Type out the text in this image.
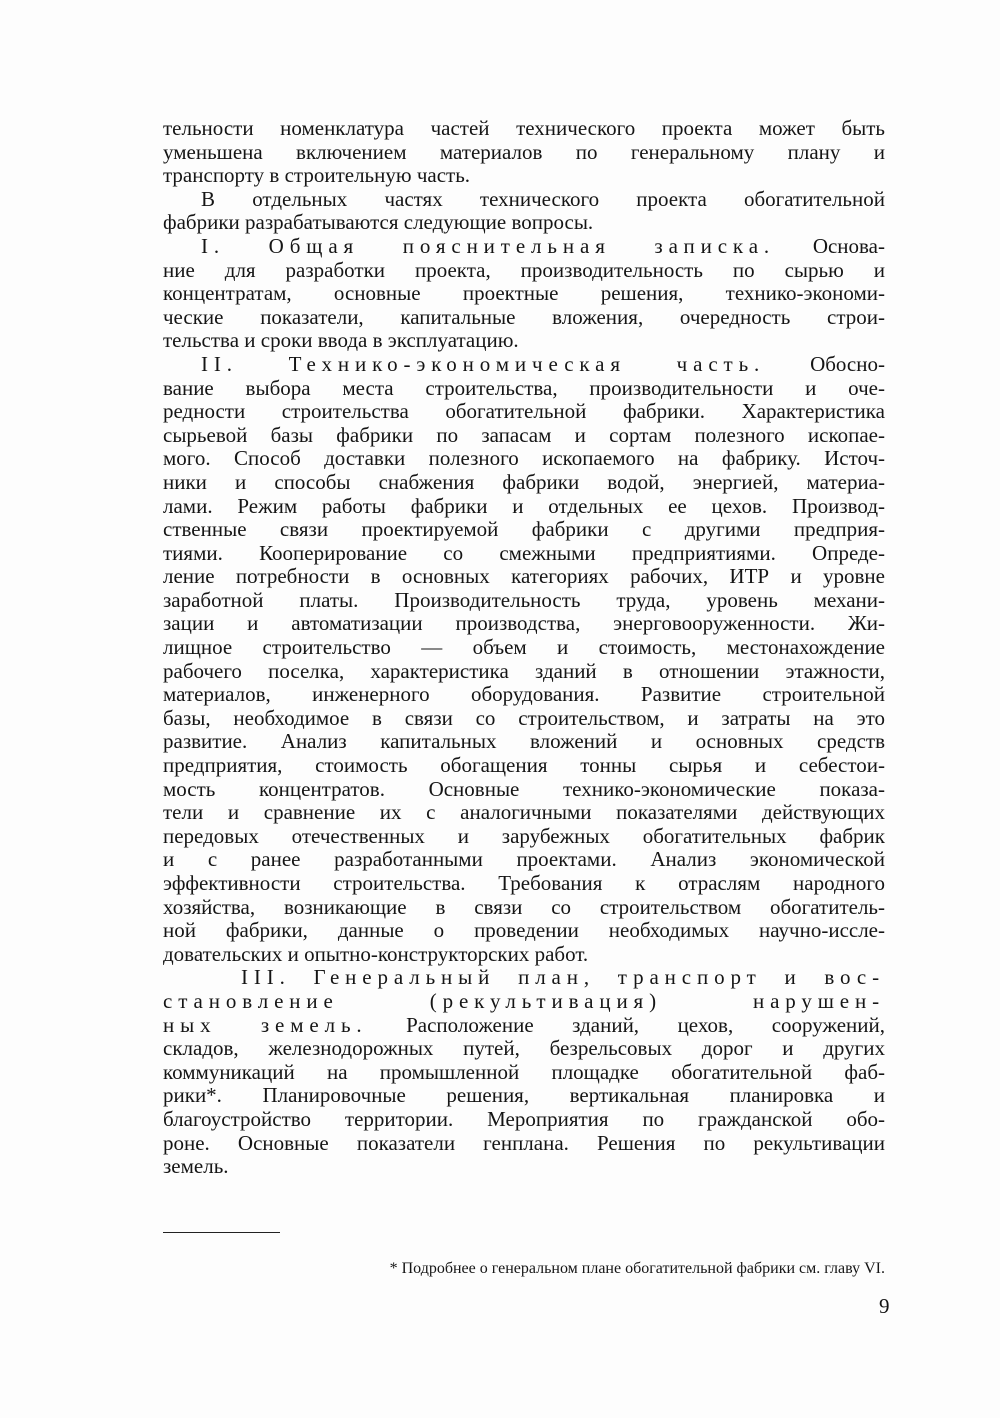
тельности номенклатура частей технического проекта может быть
уменьшена включением материалов по генеральному плану и
транспорту в строительную часть.
В отдельных частях технического проекта обогатительной
фабрики разрабатываются следующие вопросы.
I. Общая пояснительная записка. Основа-
ние для разработки проекта, производительность по сырью и
концентратам, основные проектные решения, технико-экономи-
ческие показатели, капитальные вложения, очередность строи-
тельства и сроки ввода в эксплуатацию.
II. Технико-экономическая часть. Обосно-
вание выбора места строительства, производительности и оче-
редности строительства обогатительной фабрики. Характеристика
сырьевой базы фабрики по запасам и сортам полезного ископае-
мого. Способ доставки полезного ископаемого на фабрику. Источ-
ники и способы снабжения фабрики водой, энергией, материа-
лами. Режим работы фабрики и отдельных ее цехов. Производ-
ственные связи проектируемой фабрики с другими предприя-
тиями. Кооперирование со смежными предприятиями. Опреде-
ление потребности в основных категориях рабочих, ИТР и уровне
заработной платы. Производительность труда, уровень механи-
зации и автоматизации производства, энерговооруженности. Жи-
лищное строительство — объем и стоимость, местонахождение
рабочего поселка, характеристика зданий в отношении этажности,
материалов, инженерного оборудования. Развитие строительной
базы, необходимое в связи со строительством, и затраты на это
развитие. Анализ капитальных вложений и основных средств
предприятия, стоимость обогащения тонны сырья и себестои-
мость концентратов. Основные технико-экономические показа-
тели и сравнение их с аналогичными показателями действующих
передовых отечественных и зарубежных обогатительных фабрик
и с ранее разработанными проектами. Анализ экономической
эффективности строительства. Требования к отраслям народного
хозяйства, возникающие в связи со строительством обогатитель-
ной фабрики, данные о проведении необходимых научно-иссле-
довательских и опытно-конструкторских работ.
III. Генеральный план, транспорт и вос-
становление (рекультивация) нарушен-
ных земель. Расположение зданий, цехов, сооружений,
складов, железнодорожных путей, безрельсовых дорог и других
коммуникаций на промышленной площадке обогатительной фаб-
рики*. Планировочные решения, вертикальная планировка и
благоустройство территории. Мероприятия по гражданской обо-
роне. Основные показатели генплана. Решения по рекультивации
земель.
* Подробнее о генеральном плане обогатительной фабрики см. главу VI.
9
